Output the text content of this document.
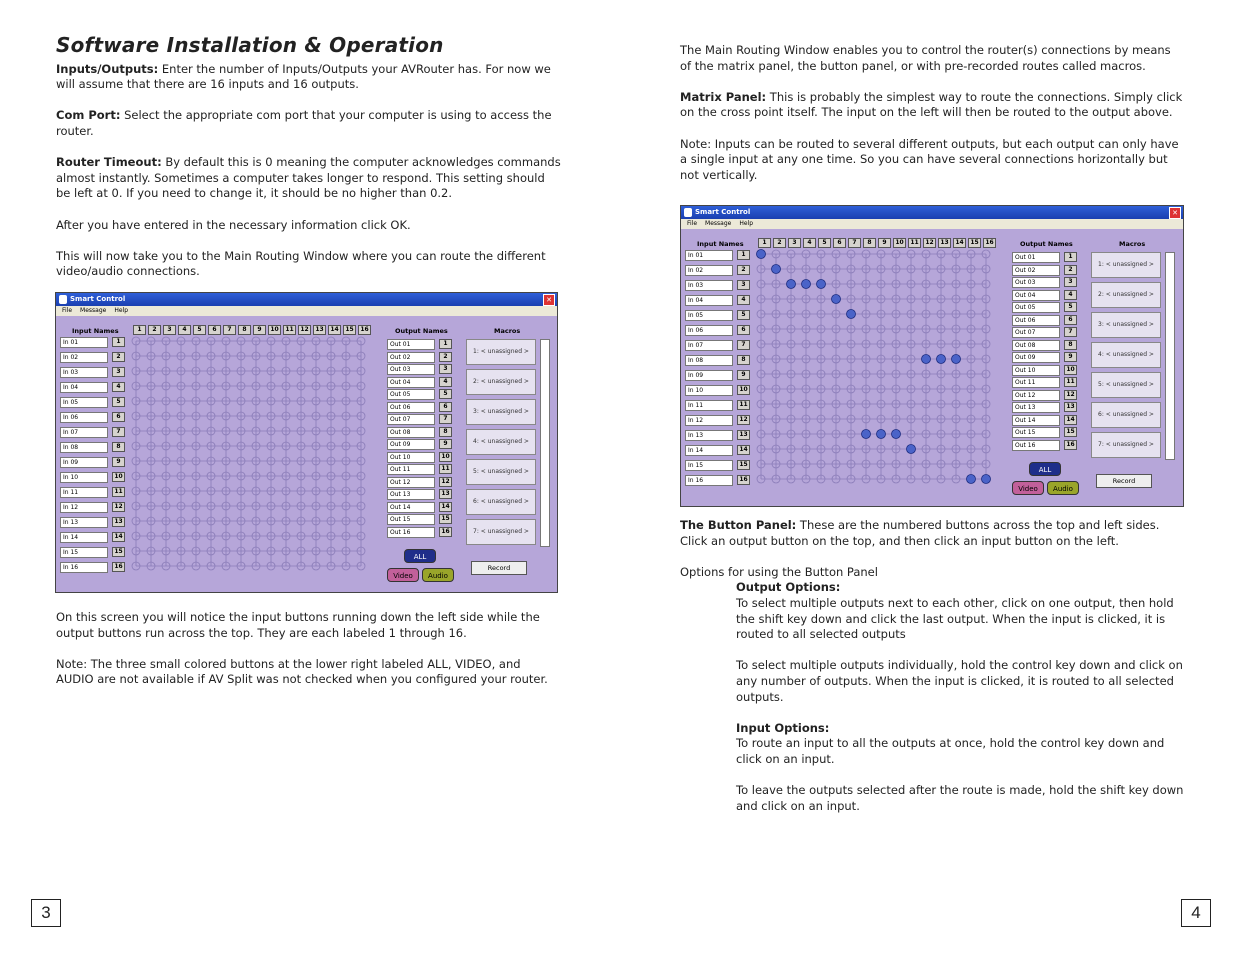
Software Installation & Operation

Inputs/Outputs: Enter the number of Inputs/Outputs your AVRouter has. For now we will assume that there are 16 inputs and 16 outputs.

Com Port: Select the appropriate com port that your computer is using to access the router.

Router Timeout: By default this is 0 meaning the computer acknowledges commands almost instantly. Sometimes a computer takes longer to respond. This setting should be left at 0. If you need to change it, it should be no higher than 0.2.

After you have entered in the necessary information click OK.

This will now take you to the Main Routing Window where you can route the different video/audio connections.

On this screen you will notice the input buttons running down the left side while the output buttons run across the top. They are each labeled 1 through 16.

Note: The three small colored buttons at the lower right labeled ALL, VIDEO, and AUDIO are not available if AV Split was not checked when you configured your router.

3

The Main Routing Window enables you to control the router(s) connections by means of the matrix panel, the button panel, or with pre-recorded routes called macros.

Matrix Panel: This is probably the simplest way to route the connections. Simply click on the cross point itself. The input on the left will then be routed to the output above.

Note: Inputs can be routed to several different outputs, but each output can only have a single input at any one time. So you can have several connections horizontally but not vertically.

The Button Panel: These are the numbered buttons across the top and left sides. Click an output button on the top, and then click an input button on the left.

Options for using the Button Panel
Output Options:

To select multiple outputs next to each other, click on one output, then hold the shift key down and click the last output. When the input is clicked, it is routed to all selected outputs

To select multiple outputs individually, hold the control key down and click on any number of outputs. When the input is clicked, it is routed to all selected outputs.

Input Options:

To route an input to all the outputs at once, hold the control key down and click on an input.

To leave the outputs selected after the route is made, hold the shift key down and click on an input.

4
Smart Control	✕
File Message Help
Input Names	Output Names	Macros
1	2	3	4	5	6	7	8	9	10	11	12	13	14	15	16
In 01	1
In 02	2
In 03	3
In 04	4
In 05	5
In 06	6
In 07	7
In 08	8
In 09	9
In 10	10
In 11	11
In 12	12
In 13	13
In 14	14
In 15	15
In 16	16
Out 01	1
Out 02	2
Out 03	3
Out 04	4
Out 05	5
Out 06	6
Out 07	7
Out 08	8
Out 09	9
Out 10	10
Out 11	11
Out 12	12
Out 13	13
Out 14	14
Out 15	15
Out 16	16
1: < unassigned >
2: < unassigned >
3: < unassigned >
4: < unassigned >
5: < unassigned >
6: < unassigned >
7: < unassigned >
ALL
Video	Audio
Record
Smart Control	✕
File Message Help
Input Names	Output Names	Macros
1	2	3	4	5	6	7	8	9	10	11	12	13	14	15	16
In 01	1
In 02	2
In 03	3
In 04	4
In 05	5
In 06	6
In 07	7
In 08	8
In 09	9
In 10	10
In 11	11
In 12	12
In 13	13
In 14	14
In 15	15
In 16	16
Out 01	1
Out 02	2
Out 03	3
Out 04	4
Out 05	5
Out 06	6
Out 07	7
Out 08	8
Out 09	9
Out 10	10
Out 11	11
Out 12	12
Out 13	13
Out 14	14
Out 15	15
Out 16	16
1: < unassigned >
2: < unassigned >
3: < unassigned >
4: < unassigned >
5: < unassigned >
6: < unassigned >
7: < unassigned >
ALL
Video	Audio
Record
